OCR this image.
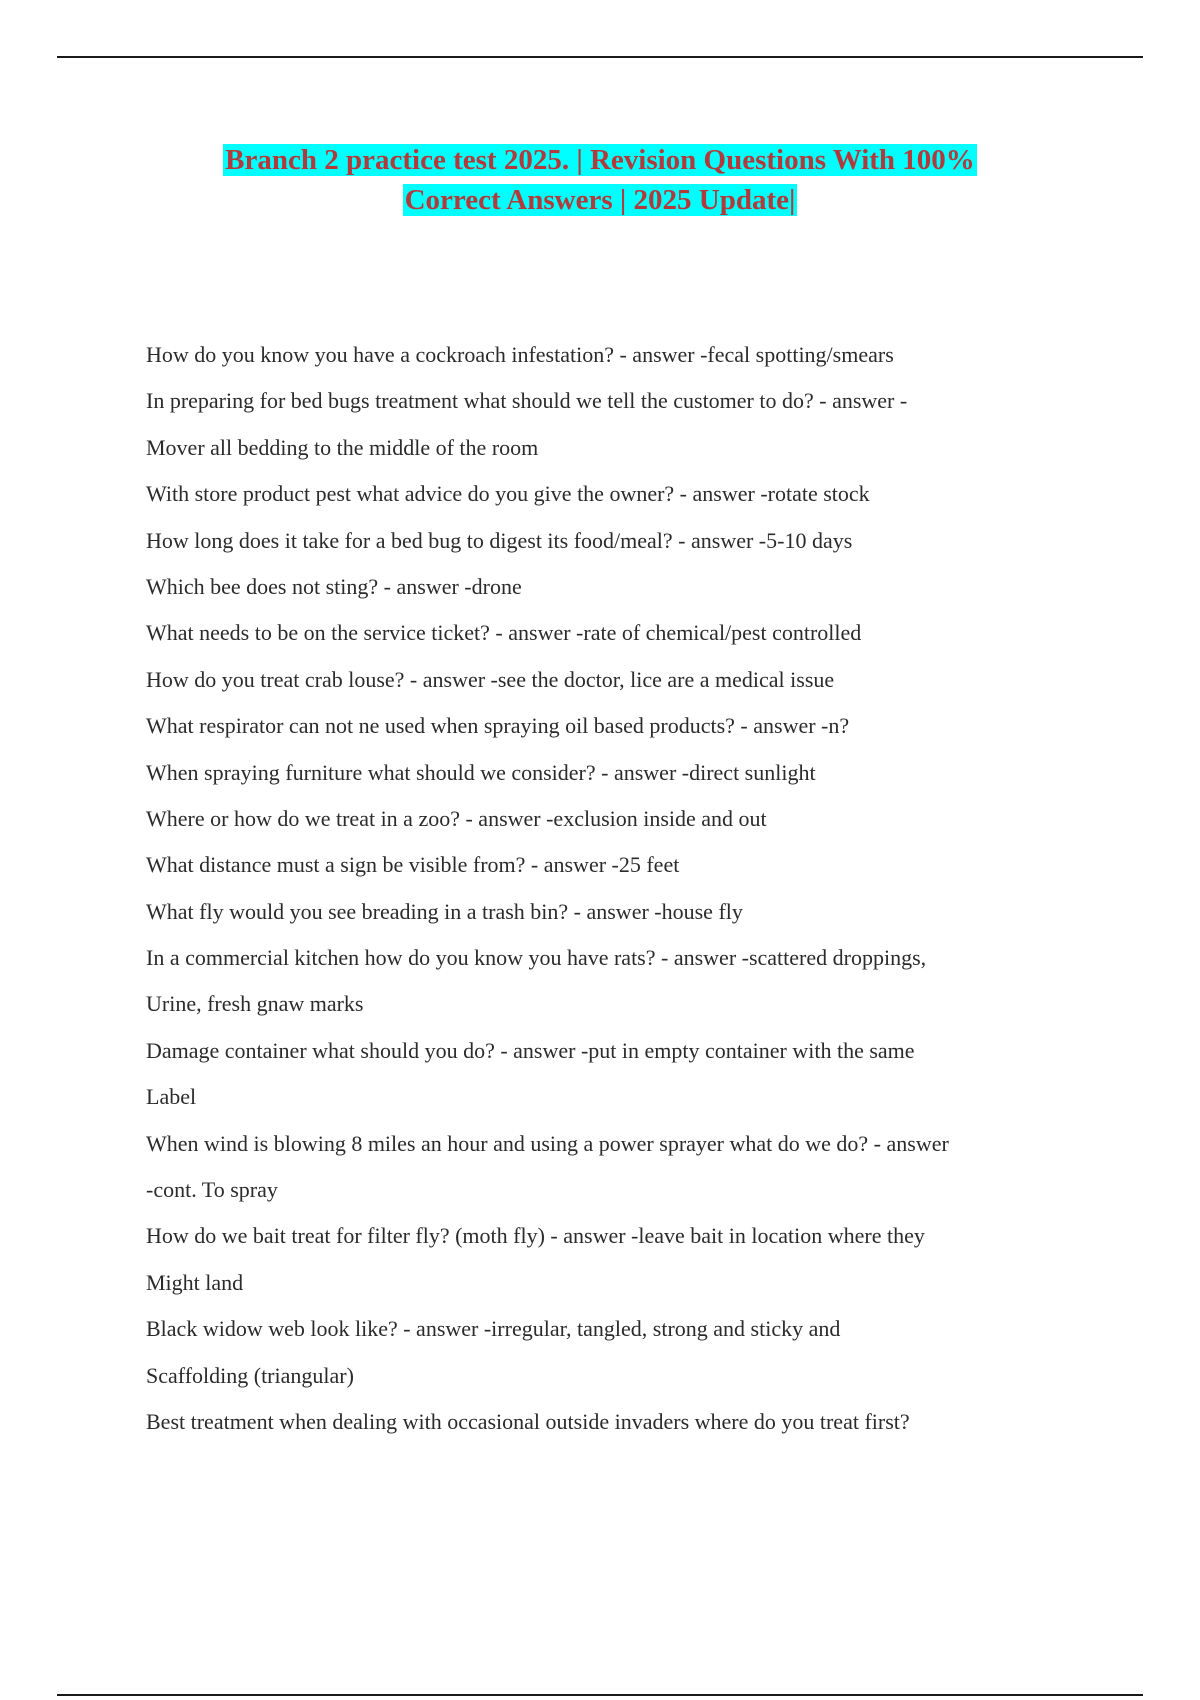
Branch 2 practice test 2025. | Revision Questions With 100%
Correct Answers | 2025 Update|
How do you know you have a cockroach infestation? - answer -fecal spotting/smears
In preparing for bed bugs treatment what should we tell the customer to do? - answer -
Mover all bedding to the middle of the room
With store product pest what advice do you give the owner? - answer -rotate stock
How long does it take for a bed bug to digest its food/meal? - answer -5-10 days
Which bee does not sting? - answer -drone
What needs to be on the service ticket? - answer -rate of chemical/pest controlled
How do you treat crab louse? - answer -see the doctor, lice are a medical issue
What respirator can not ne used when spraying oil based products? - answer -n?
When spraying furniture what should we consider? - answer -direct sunlight
Where or how do we treat in a zoo? - answer -exclusion inside and out
What distance must a sign be visible from? - answer -25 feet
What fly would you see breading in a trash bin? - answer -house fly
In a commercial kitchen how do you know you have rats? - answer -scattered droppings,
Urine, fresh gnaw marks
Damage container what should you do? - answer -put in empty container with the same
Label
When wind is blowing 8 miles an hour and using a power sprayer what do we do? - answer
-cont. To spray
How do we bait treat for filter fly? (moth fly) - answer -leave bait in location where they
Might land
Black widow web look like? - answer -irregular, tangled, strong and sticky and
Scaffolding (triangular)
Best treatment when dealing with occasional outside invaders where do you treat first?
